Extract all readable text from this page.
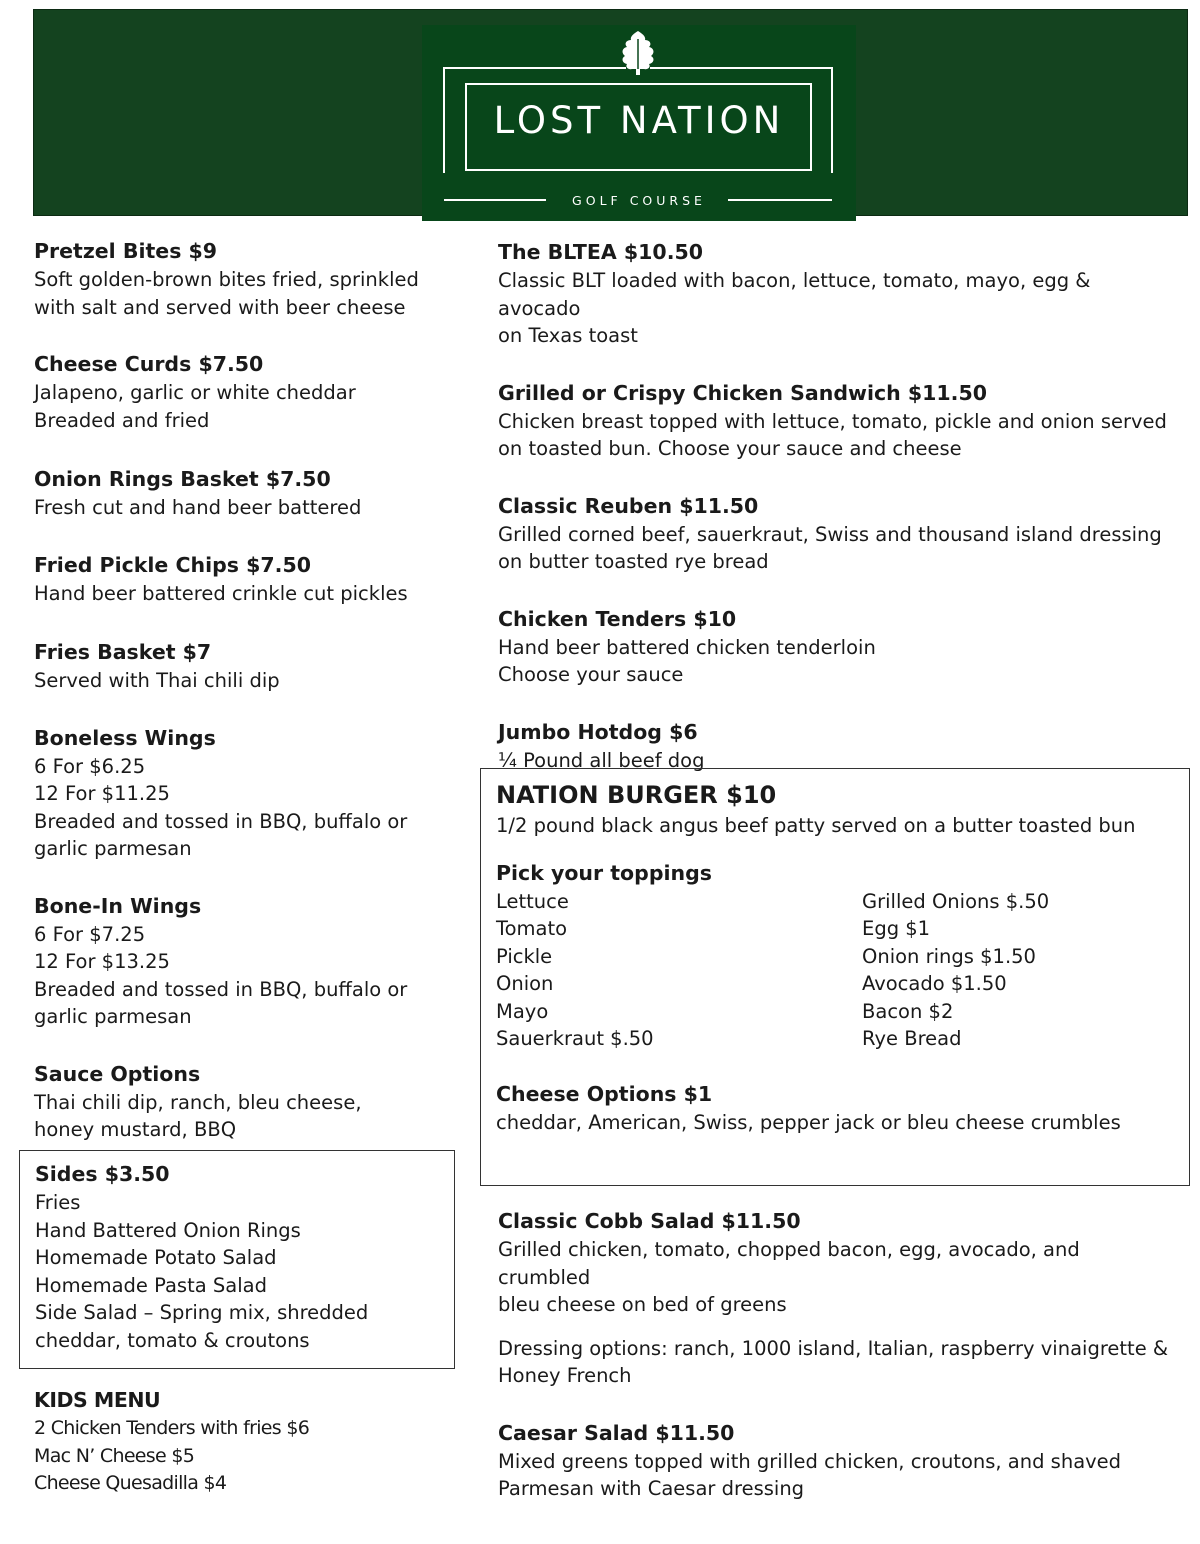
LOST NATION
GOLF COURSE
Pretzel Bites $9
Soft golden-brown bites fried, sprinkled
with salt and served with beer cheese
Cheese Curds $7.50
Jalapeno, garlic or white cheddar
Breaded and fried
Onion Rings Basket $7.50
Fresh cut and hand beer battered
Fried Pickle Chips $7.50
Hand beer battered crinkle cut pickles
Fries Basket $7
Served with Thai chili dip
Boneless Wings
6 For $6.25
12 For $11.25
Breaded and tossed in BBQ, buffalo or
garlic parmesan
Bone-In Wings
6 For $7.25
12 For $13.25
Breaded and tossed in BBQ, buffalo or
garlic parmesan
Sauce Options
Thai chili dip, ranch, bleu cheese,
honey mustard, BBQ
Sides $3.50
Fries
Hand Battered Onion Rings
Homemade Potato Salad
Homemade Pasta Salad
Side Salad – Spring mix, shredded
cheddar, tomato & croutons
KIDS MENU
2 Chicken Tenders with fries $6
Mac N’ Cheese $5
Cheese Quesadilla $4
The BLTEA $10.50
Classic BLT loaded with bacon, lettuce, tomato, mayo, egg & avocado
on Texas toast
Grilled or Crispy Chicken Sandwich $11.50
Chicken breast topped with lettuce, tomato, pickle and onion served
on toasted bun. Choose your sauce and cheese
Classic Reuben $11.50
Grilled corned beef, sauerkraut, Swiss and thousand island dressing
on butter toasted rye bread
Chicken Tenders $10
Hand beer battered chicken tenderloin
Choose your sauce
Jumbo Hotdog $6
¼ Pound all beef dog
NATION BURGER $10
1/2 pound black angus beef patty served on a butter toasted bun
Pick your toppings
Lettuce
Tomato
Pickle
Onion
Mayo
Sauerkraut $.50
Grilled Onions $.50
Egg $1
Onion rings $1.50
Avocado $1.50
Bacon $2
Rye Bread
Cheese Options $1
cheddar, American, Swiss, pepper jack or bleu cheese crumbles
Classic Cobb Salad $11.50
Grilled chicken, tomato, chopped bacon, egg, avocado, and crumbled
bleu cheese on bed of greens
Dressing options: ranch, 1000 island, Italian, raspberry vinaigrette &
Honey French
Caesar Salad $11.50
Mixed greens topped with grilled chicken, croutons, and shaved
Parmesan with Caesar dressing
